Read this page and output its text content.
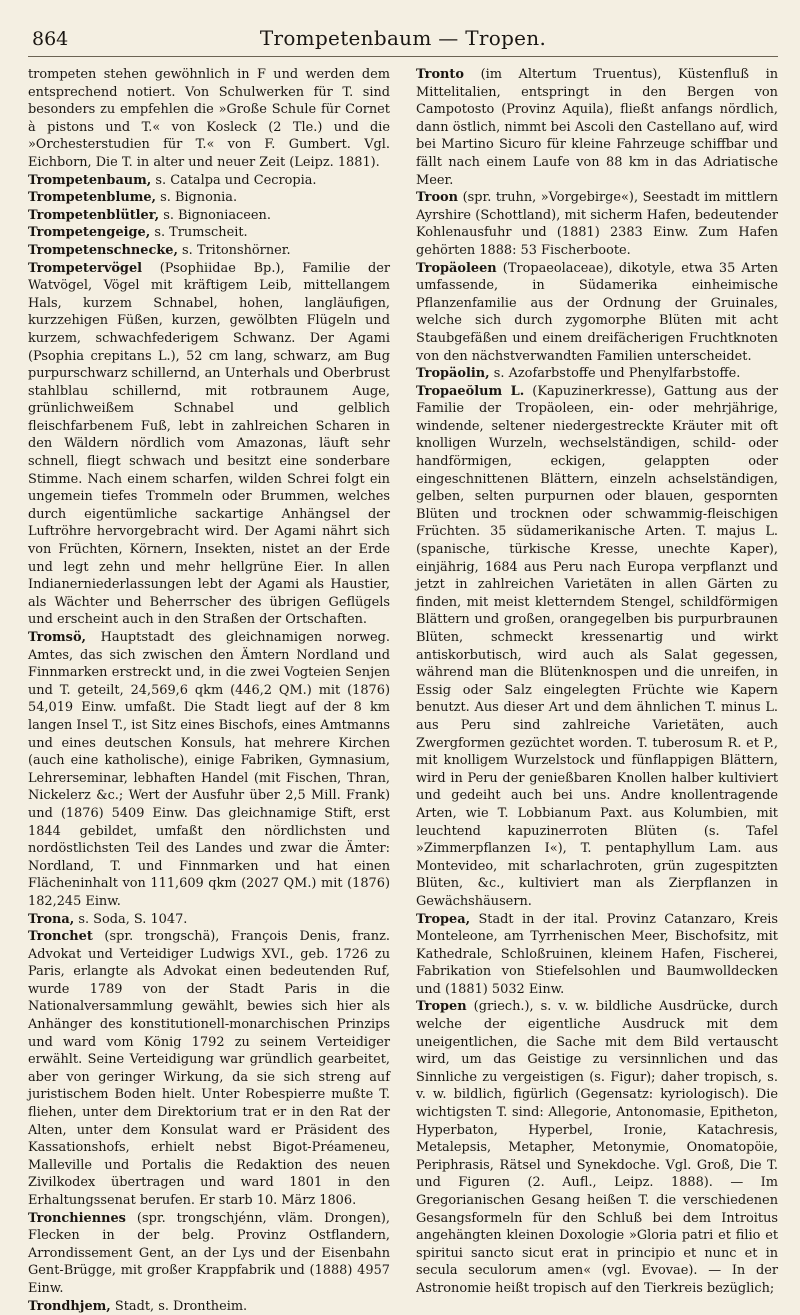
864	Trompetenbaum — Tropen.

trompeten stehen gewöhnlich in F und werden dem entsprechend notiert. Von Schulwerken für T. sind besonders zu empfehlen die »Große Schule für Cornet à pistons und T.« von Kosleck (2 Tle.) und die »Orchesterstudien für T.« von F. Gumbert. Vgl. Eichborn, Die T. in alter und neuer Zeit (Leipz. 1881).

Trompetenbaum, s. Catalpa und Cecropia.

Trompetenblume, s. Bignonia.

Trompetenblütler, s. Bignoniaceen.

Trompetengeige, s. Trumscheit.

Trompetenschnecke, s. Tritonshörner.

Trompetervögel (Psophiidae Bp.), Familie der Watvögel, Vögel mit kräftigem Leib, mittellangem Hals, kurzem Schnabel, hohen, langläufigen, kurzzehigen Füßen, kurzen, gewölbten Flügeln und kurzem, schwachfederigem Schwanz. Der Agami (Psophia crepitans L.), 52 cm lang, schwarz, am Bug purpurschwarz schillernd, an Unterhals und Oberbrust stahlblau schillernd, mit rotbraunem Auge, grünlichweißem Schnabel und gelblich fleischfarbenem Fuß, lebt in zahlreichen Scharen in den Wäldern nördlich vom Amazonas, läuft sehr schnell, fliegt schwach und besitzt eine sonderbare Stimme. Nach einem scharfen, wilden Schrei folgt ein ungemein tiefes Trommeln oder Brummen, welches durch eigentümliche sackartige Anhängsel der Luftröhre hervorgebracht wird. Der Agami nährt sich von Früchten, Körnern, Insekten, nistet an der Erde und legt zehn und mehr hellgrüne Eier. In allen Indianerniederlassungen lebt der Agami als Haustier, als Wächter und Beherrscher des übrigen Geflügels und erscheint auch in den Straßen der Ortschaften.

Tromsö, Hauptstadt des gleichnamigen norweg. Amtes, das sich zwischen den Ämtern Nordland und Finnmarken erstreckt und, in die zwei Vogteien Senjen und T. geteilt, 24,569,6 qkm (446,2 QM.) mit (1876) 54,019 Einw. umfaßt. Die Stadt liegt auf der 8 km langen Insel T., ist Sitz eines Bischofs, eines Amtmanns und eines deutschen Konsuls, hat mehrere Kirchen (auch eine katholische), einige Fabriken, Gymnasium, Lehrerseminar, lebhaften Handel (mit Fischen, Thran, Nickelerz &c.; Wert der Ausfuhr über 2,5 Mill. Frank) und (1876) 5409 Einw. Das gleichnamige Stift, erst 1844 gebildet, umfaßt den nördlichsten und nordöstlichsten Teil des Landes und zwar die Ämter: Nordland, T. und Finnmarken und hat einen Flächeninhalt von 111,609 qkm (2027 QM.) mit (1876) 182,245 Einw.

Trona, s. Soda, S. 1047.

Tronchet (spr. trongschä), François Denis, franz. Advokat und Verteidiger Ludwigs XVI., geb. 1726 zu Paris, erlangte als Advokat einen bedeutenden Ruf, wurde 1789 von der Stadt Paris in die Nationalversammlung gewählt, bewies sich hier als Anhänger des konstitutionell-monarchischen Prinzips und ward vom König 1792 zu seinem Verteidiger erwählt. Seine Verteidigung war gründlich gearbeitet, aber von geringer Wirkung, da sie sich streng auf juristischem Boden hielt. Unter Robespierre mußte T. fliehen, unter dem Direktorium trat er in den Rat der Alten, unter dem Konsulat ward er Präsident des Kassationshofs, erhielt nebst Bigot-Préameneu, Malleville und Portalis die Redaktion des neuen Zivilkodex übertragen und ward 1801 in den Erhaltungssenat berufen. Er starb 10. März 1806.

Tronchiennes (spr. trongschjénn, vläm. Drongen), Flecken in der belg. Provinz Ostflandern, Arrondissement Gent, an der Lys und der Eisenbahn Gent-Brügge, mit großer Krappfabrik und (1888) 4957 Einw.

Trondhjem, Stadt, s. Drontheim.

Tronto (im Altertum Truentus), Küstenfluß in Mittelitalien, entspringt in den Bergen von Campotosto (Provinz Aquila), fließt anfangs nördlich, dann östlich, nimmt bei Ascoli den Castellano auf, wird bei Martino Sicuro für kleine Fahrzeuge schiffbar und fällt nach einem Laufe von 88 km in das Adriatische Meer.

Troon (spr. truhn, »Vorgebirge«), Seestadt im mittlern Ayrshire (Schottland), mit sicherm Hafen, bedeutender Kohlenausfuhr und (1881) 2383 Einw. Zum Hafen gehörten 1888: 53 Fischerboote.

Tropäoleen (Tropaeolaceae), dikotyle, etwa 35 Arten umfassende, in Südamerika einheimische Pflanzenfamilie aus der Ordnung der Gruinales, welche sich durch zygomorphe Blüten mit acht Staubgefäßen und einem dreifächerigen Fruchtknoten von den nächstverwandten Familien unterscheidet.

Tropäolin, s. Azofarbstoffe und Phenylfarbstoffe.

Tropaeŏlum L. (Kapuzinerkresse), Gattung aus der Familie der Tropäoleen, ein- oder mehrjährige, windende, seltener niedergestreckte Kräuter mit oft knolligen Wurzeln, wechselständigen, schild- oder handförmigen, eckigen, gelappten oder eingeschnittenen Blättern, einzeln achselständigen, gelben, selten purpurnen oder blauen, gespornten Blüten und trocknen oder schwammig-fleischigen Früchten. 35 südamerikanische Arten. T. majus L. (spanische, türkische Kresse, unechte Kaper), einjährig, 1684 aus Peru nach Europa verpflanzt und jetzt in zahlreichen Varietäten in allen Gärten zu finden, mit meist kletterndem Stengel, schildförmigen Blättern und großen, orangegelben bis purpurbraunen Blüten, schmeckt kressenartig und wirkt antiskorbutisch, wird auch als Salat gegessen, während man die Blütenknospen und die unreifen, in Essig oder Salz eingelegten Früchte wie Kapern benutzt. Aus dieser Art und dem ähnlichen T. minus L. aus Peru sind zahlreiche Varietäten, auch Zwergformen gezüchtet worden. T. tuberosum R. et P., mit knolligem Wurzelstock und fünflappigen Blättern, wird in Peru der genießbaren Knollen halber kultiviert und gedeiht auch bei uns. Andre knollentragende Arten, wie T. Lobbianum Paxt. aus Kolumbien, mit leuchtend kapuzinerroten Blüten (s. Tafel »Zimmerpflanzen I«), T. pentaphyllum Lam. aus Montevideo, mit scharlachroten, grün zugespitzten Blüten, &c., kultiviert man als Zierpflanzen in Gewächshäusern.

Tropea, Stadt in der ital. Provinz Catanzaro, Kreis Monteleone, am Tyrrhenischen Meer, Bischofsitz, mit Kathedrale, Schloßruinen, kleinem Hafen, Fischerei, Fabrikation von Stiefelsohlen und Baumwolldecken und (1881) 5032 Einw.

Tropen (griech.), s. v. w. bildliche Ausdrücke, durch welche der eigentliche Ausdruck mit dem uneigentlichen, die Sache mit dem Bild vertauscht wird, um das Geistige zu versinnlichen und das Sinnliche zu vergeistigen (s. Figur); daher tropisch, s. v. w. bildlich, figürlich (Gegensatz: kyriologisch). Die wichtigsten T. sind: Allegorie, Antonomasie, Epitheton, Hyperbaton, Hyperbel, Ironie, Katachresis, Metalepsis, Metapher, Metonymie, Onomatopöie, Periphrasis, Rätsel und Synekdoche. Vgl. Groß, Die T. und Figuren (2. Aufl., Leipz. 1888). — Im Gregorianischen Gesang heißen T. die verschiedenen Gesangsformeln für den Schluß bei dem Introitus angehängten kleinen Doxologie »Gloria patri et filio et spiritui sancto sicut erat in principio et nunc et in secula seculorum amen« (vgl. Evovae). — In der Astronomie heißt tropisch auf den Tierkreis bezüglich;
